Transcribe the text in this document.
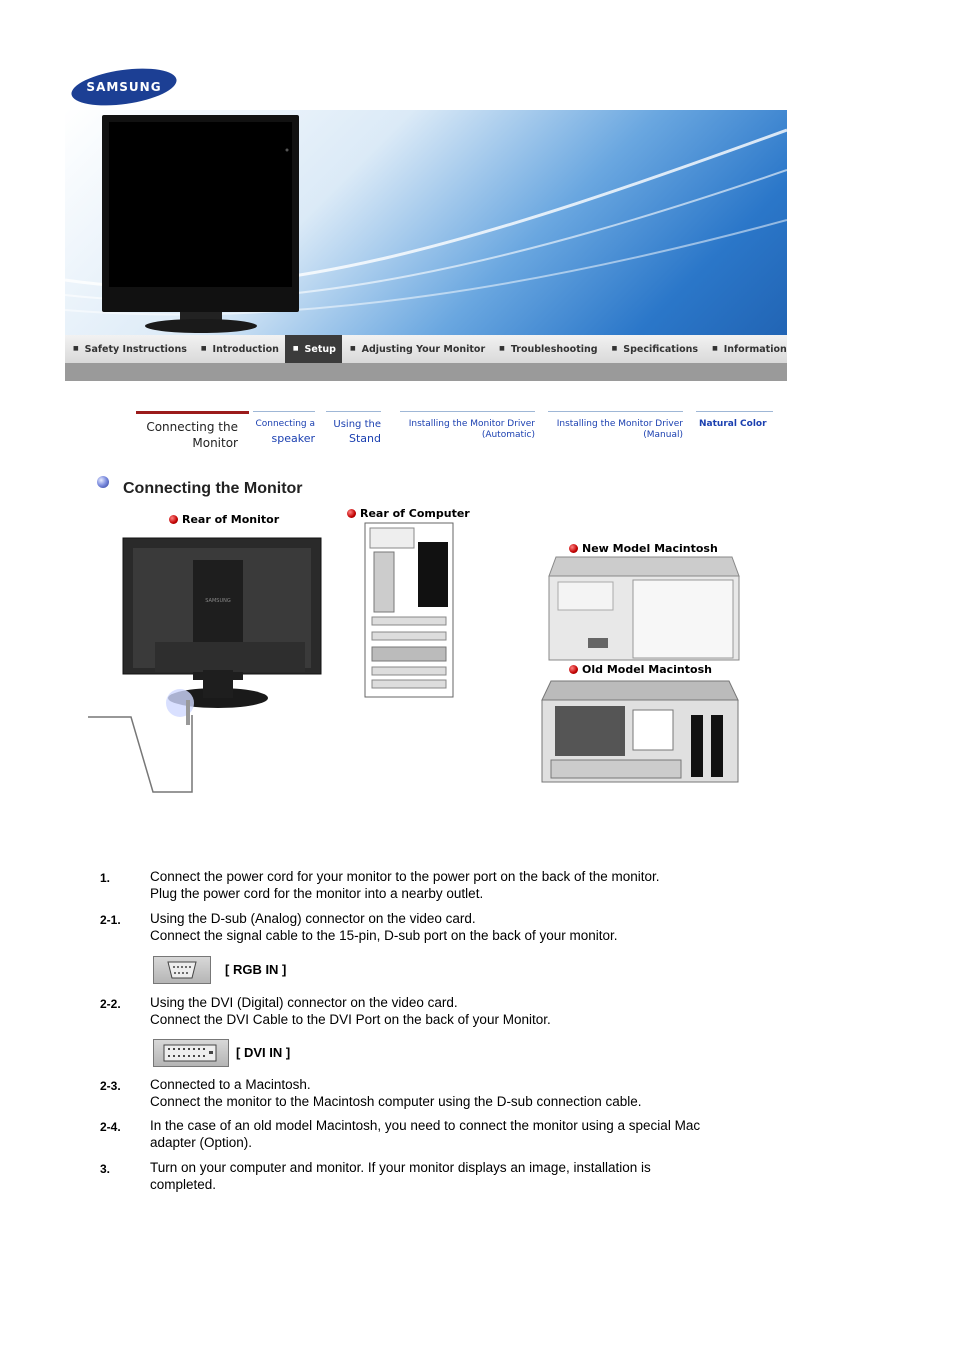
SAMSUNG
■ Safety Instructions	■ Introduction	■ Setup	■ Adjusting Your Monitor	■ Troubleshooting	■ Specifications	■ Information
Connecting the
Monitor
Connecting a
speaker
Using the
Stand
Installing the Monitor Driver
(Automatic)
Installing the Monitor Driver
(Manual)
Natural Color
Connecting the Monitor
Rear of Monitor	Rear of Computer
New Model Macintosh
Old Model Macintosh
SAMSUNG
1.	Connect the power cord for your monitor to the power port on the back of the monitor.
Plug the power cord for the monitor into a nearby outlet.
2-1. Using the D-sub (Analog) connector on the video card.
Connect the signal cable to the 15-pin, D-sub port on the back of your monitor.
[ RGB IN ]
2-2. Using the DVI (Digital) connector on the video card.
Connect the DVI Cable to the DVI Port on the back of your Monitor.
[ DVI IN ]
2-3. Connected to a Macintosh.
Connect the monitor to the Macintosh computer using the D-sub connection cable.
2-4. In the case of an old model Macintosh, you need to connect the monitor using a special Mac
adapter (Option).
3.	Turn on your computer and monitor. If your monitor displays an image, installation is
completed.
